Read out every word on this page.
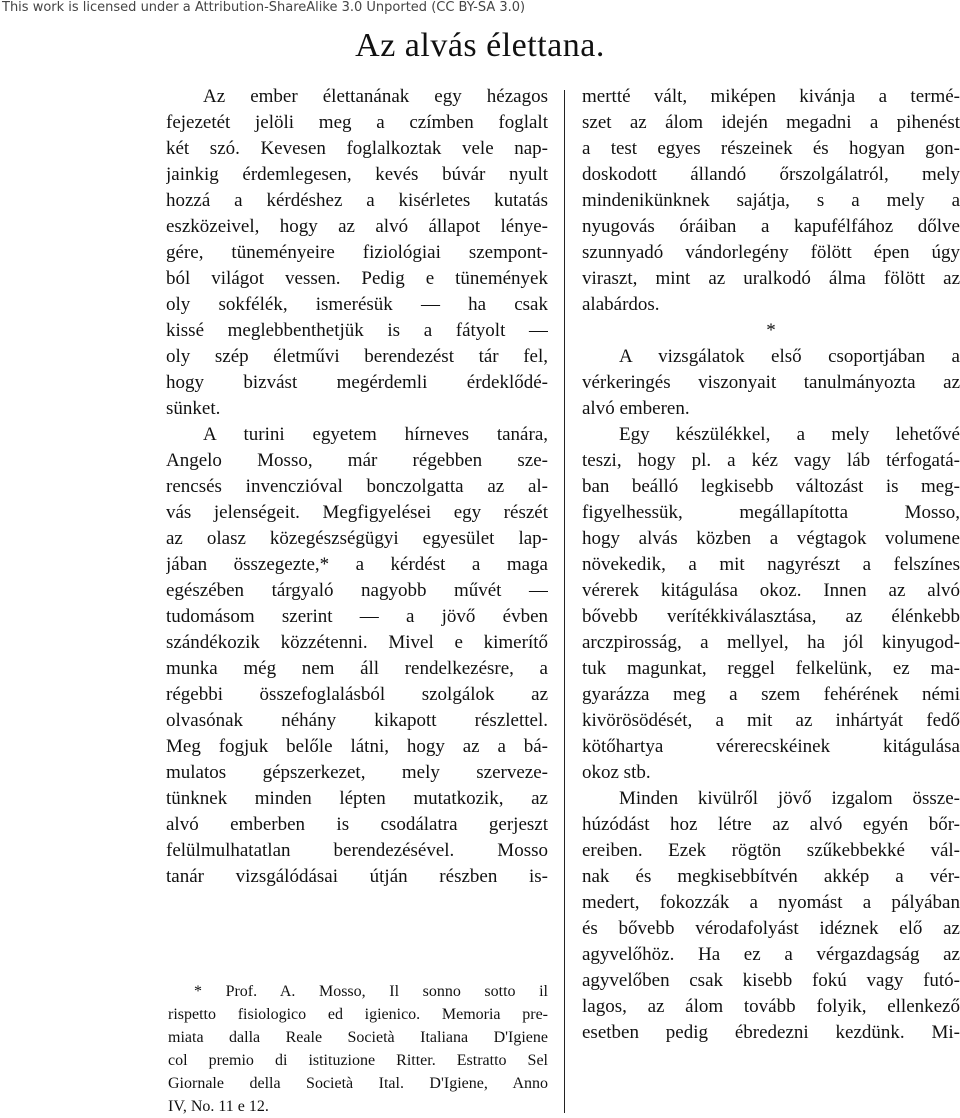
This work is licensed under a Attribution-ShareAlike 3.0 Unported (CC BY-SA 3.0)
Az alvás élettana.
Az ember élettanának egy hézagos
fejezetét jelöli meg a czímben foglalt
két szó. Kevesen foglalkoztak vele nap-
jainkig érdemlegesen, kevés búvár nyult
hozzá a kérdéshez a kisérletes kutatás
eszközeivel, hogy az alvó állapot lénye-
gére, tüneményeire fiziológiai szempont-
ból világot vessen. Pedig e tünemények
oly sokfélék, ismerésük — ha csak
kissé meglebbenthetjük is a fátyolt —
oly szép életművi berendezést tár fel,
hogy bizvást megérdemli érdeklődé-
sünket.
A turini egyetem hírneves tanára,
Angelo Mosso, már régebben sze-
rencsés invenczióval bonczolgatta az al-
vás jelenségeit. Megfigyelései egy részét
az olasz közegészségügyi egyesület lap-
jában összegezte,* a kérdést a maga
egészében tárgyaló nagyobb művét —
tudomásom szerint — a jövő évben
szándékozik közzétenni. Mivel e kimerítő
munka még nem áll rendelkezésre, a
régebbi összefoglalásból szolgálok az
olvasónak néhány kikapott részlettel.
Meg fogjuk belőle látni, hogy az a bá-
mulatos gépszerkezet, mely szerveze-
tünknek minden lépten mutatkozik, az
alvó emberben is csodálatra gerjeszt
felülmulhatatlan berendezésével. Mosso
tanár vizsgálódásai útján részben is-
* Prof. A. Mosso, Il sonno sotto il
rispetto fisiologico ed igienico. Memoria pre-
miata dalla Reale Società Italiana D'Igiene
col premio di istituzione Ritter. Estratto Sel
Giornale della Società Ital. D'Igiene, Anno
IV, No. 11 e 12.
mertté vált, miképen kivánja a termé-
szet az álom idején megadni a pihenést
a test egyes részeinek és hogyan gon-
doskodott állandó őrszolgálatról, mely
mindenikünknek sajátja, s a mely a
nyugovás óráiban a kapufélfához dőlve
szunnyadó vándorlegény fölött épen úgy
viraszt, mint az uralkodó álma fölött az
alabárdos.
*
A vizsgálatok első csoportjában a
vérkeringés viszonyait tanulmányozta az
alvó emberen.
Egy készülékkel, a mely lehetővé
teszi, hogy pl. a kéz vagy láb térfogatá-
ban beálló legkisebb változást is meg-
figyelhessük, megállapította Mosso,
hogy alvás közben a végtagok volumene
növekedik, a mit nagyrészt a felszínes
vérerek kitágulása okoz. Innen az alvó
bővebb verítékkiválasztása, az élénkebb
arczpirosság, a mellyel, ha jól kinyugod-
tuk magunkat, reggel felkelünk, ez ma-
gyarázza meg a szem fehérének némi
kivörösödését, a mit az inhártyát fedő
kötőhartya vérerecskéinek kitágulása
okoz stb.
Minden kivülről jövő izgalom össze-
húzódást hoz létre az alvó egyén bőr-
ereiben. Ezek rögtön szűkebbekké vál-
nak és megkisebbítvén akkép a vér-
medert, fokozzák a nyomást a pályában
és bővebb vérodafolyást idéznek elő az
agyvelőhöz. Ha ez a vérgazdagság az
agyvelőben csak kisebb fokú vagy futó-
lagos, az álom tovább folyik, ellenkező
esetben pedig ébredezni kezdünk. Mi-
